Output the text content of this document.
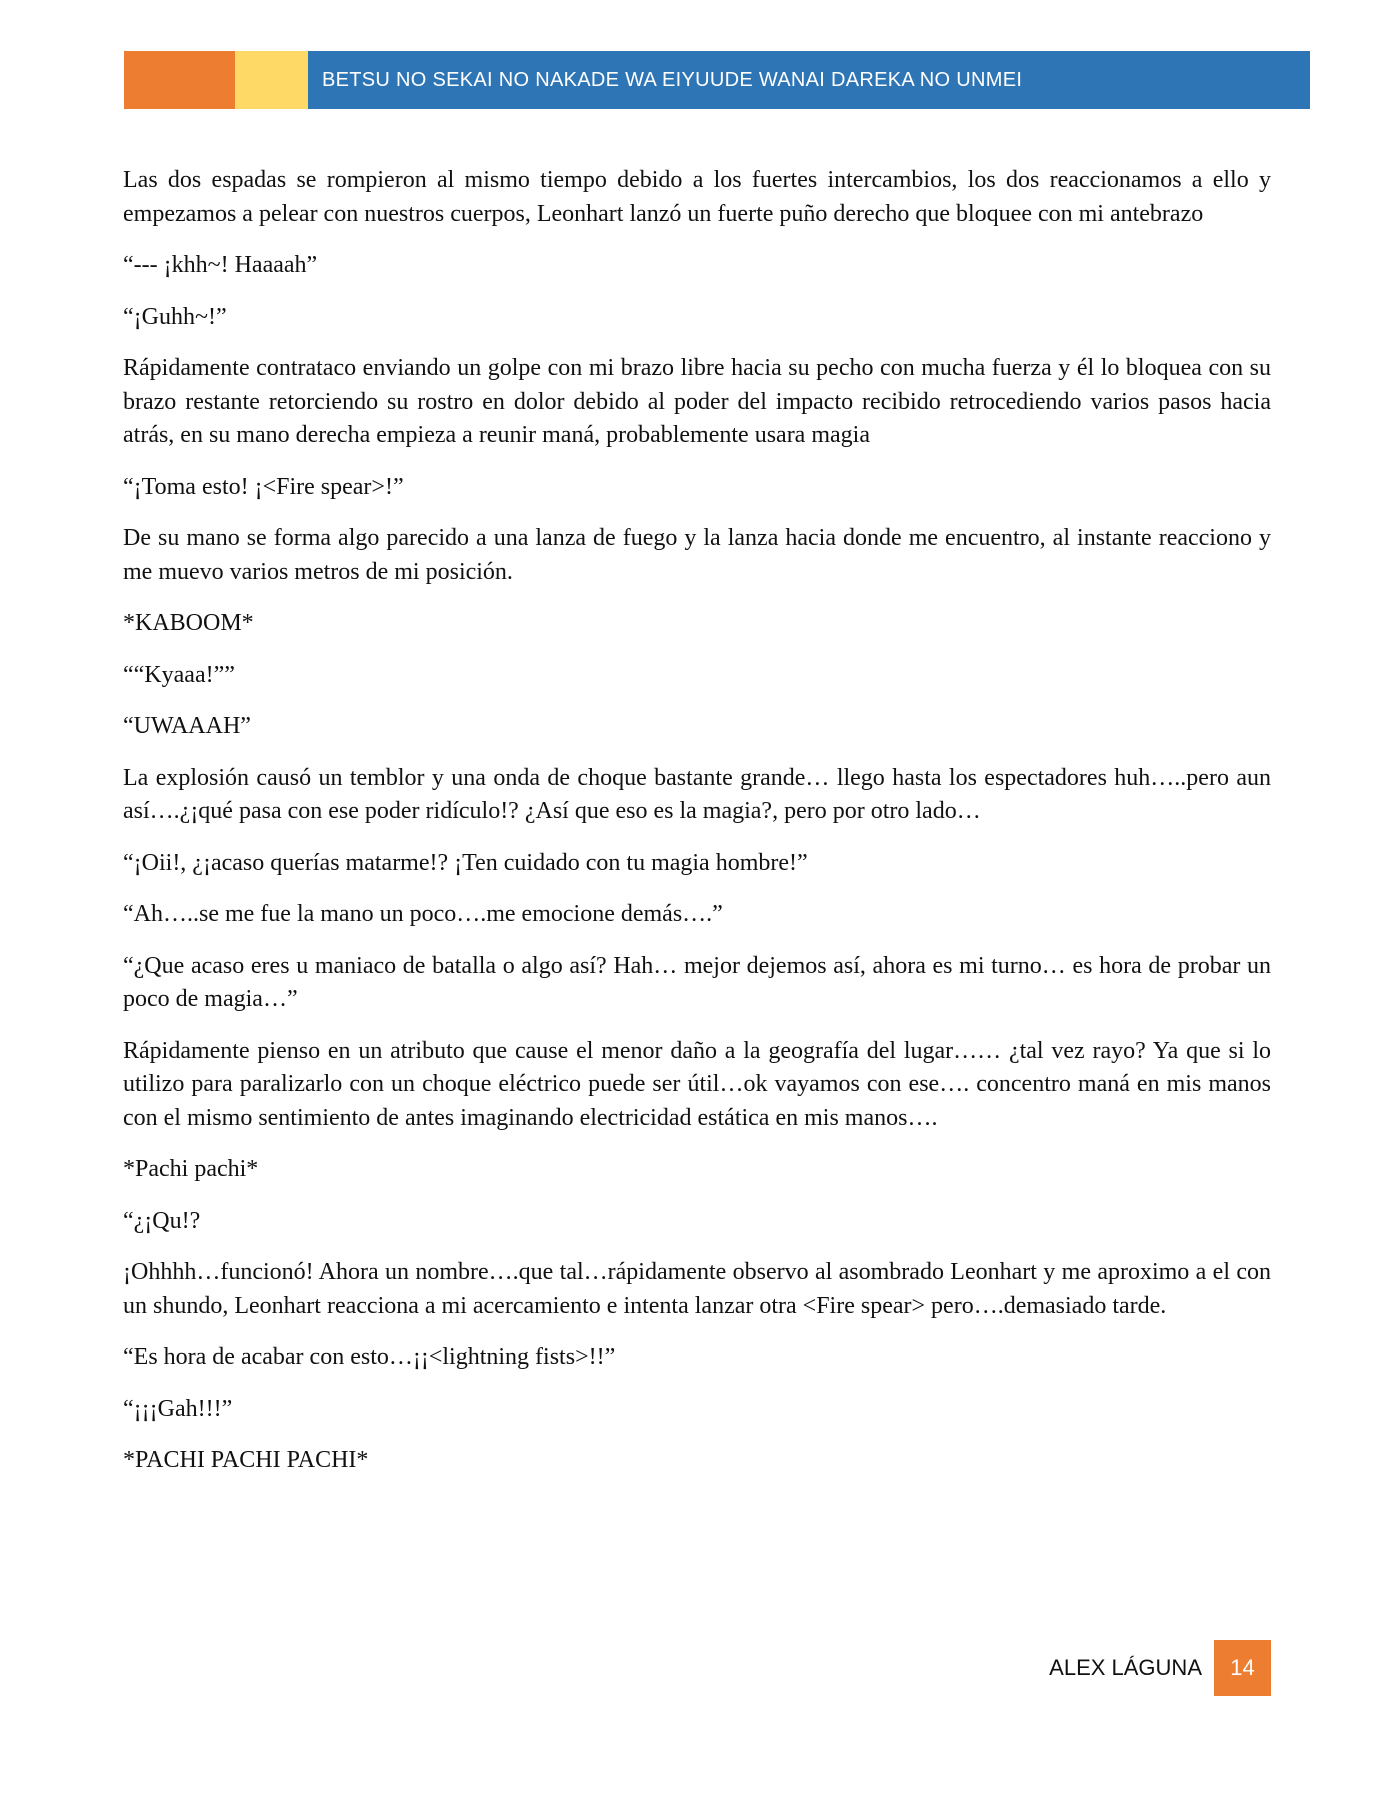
BETSU NO SEKAI NO NAKADE WA EIYUUDE WANAI DAREKA NO UNMEI

Las dos espadas se rompieron al mismo tiempo debido a los fuertes intercambios, los dos reaccionamos a ello y empezamos a pelear con nuestros cuerpos, Leonhart lanzó un fuerte puño derecho que bloquee con mi antebrazo

“--- ¡khh~! Haaaah”

“¡Guhh~!”

Rápidamente contrataco enviando un golpe con mi brazo libre hacia su pecho con mucha fuerza y él lo bloquea con su brazo restante retorciendo su rostro en dolor debido al poder del impacto recibido retrocediendo varios pasos hacia atrás, en su mano derecha empieza a reunir maná, probablemente usara magia

“¡Toma esto! ¡<Fire spear>!”

De su mano se forma algo parecido a una lanza de fuego y la lanza hacia donde me encuentro, al instante reacciono y me muevo varios metros de mi posición.

*KABOOM*

““Kyaaa!””

“UWAAAH”

La explosión causó un temblor y una onda de choque bastante grande… llego hasta los espectadores huh…..pero aun así….¿¡qué pasa con ese poder ridículo!? ¿Así que eso es la magia?, pero por otro lado…

“¡Oii!, ¿¡acaso querías matarme!? ¡Ten cuidado con tu magia hombre!”

“Ah…..se me fue la mano un poco….me emocione demás….”

“¿Que acaso eres u maniaco de batalla o algo así? Hah… mejor dejemos así, ahora es mi turno… es hora de probar un poco de magia…”

Rápidamente pienso en un atributo que cause el menor daño a la geografía del lugar…… ¿tal vez rayo? Ya que si lo utilizo para paralizarlo con un choque eléctrico puede ser útil…ok vayamos con ese…. concentro maná en mis manos con el mismo sentimiento de antes imaginando electricidad estática en mis manos….

*Pachi pachi*

“¿¡Qu!?

¡Ohhhh…funcionó! Ahora un nombre….que tal…rápidamente observo al asombrado Leonhart y me aproximo a el con un shundo, Leonhart reacciona a mi acercamiento e intenta lanzar otra <Fire spear> pero….demasiado tarde.

“Es hora de acabar con esto…¡¡<lightning fists>!!”

“¡¡¡Gah!!!”

*PACHI PACHI PACHI*

ALEX LÁGUNA 14
